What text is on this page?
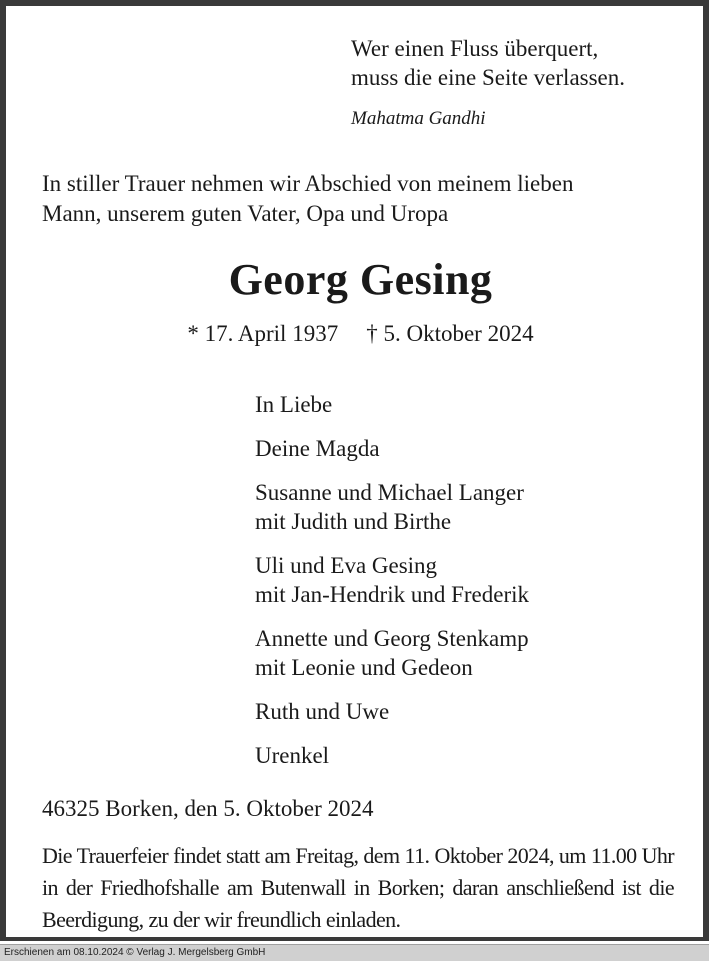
Wer einen Fluss überquert,
muss die eine Seite verlassen.
Mahatma Gandhi
In stiller Trauer nehmen wir Abschied von meinem lieben
Mann, unserem guten Vater, Opa und Uropa
Georg Gesing
* 17. April 1937 † 5. Oktober 2024
In Liebe
Deine Magda
Susanne und Michael Langer
mit Judith und Birthe
Uli und Eva Gesing
mit Jan-Hendrik und Frederik
Annette und Georg Stenkamp
mit Leonie und Gedeon
Ruth und Uwe
Urenkel
46325 Borken, den 5. Oktober 2024
Die Trauerfeier findet statt am Freitag, dem 11. Oktober 2024, um 11.00 Uhr in der Friedhofshalle am Butenwall in Borken; daran anschließend ist die Beerdigung, zu der wir freundlich einladen.
Erschienen am 08.10.2024 © Verlag J. Mergelsberg GmbH
